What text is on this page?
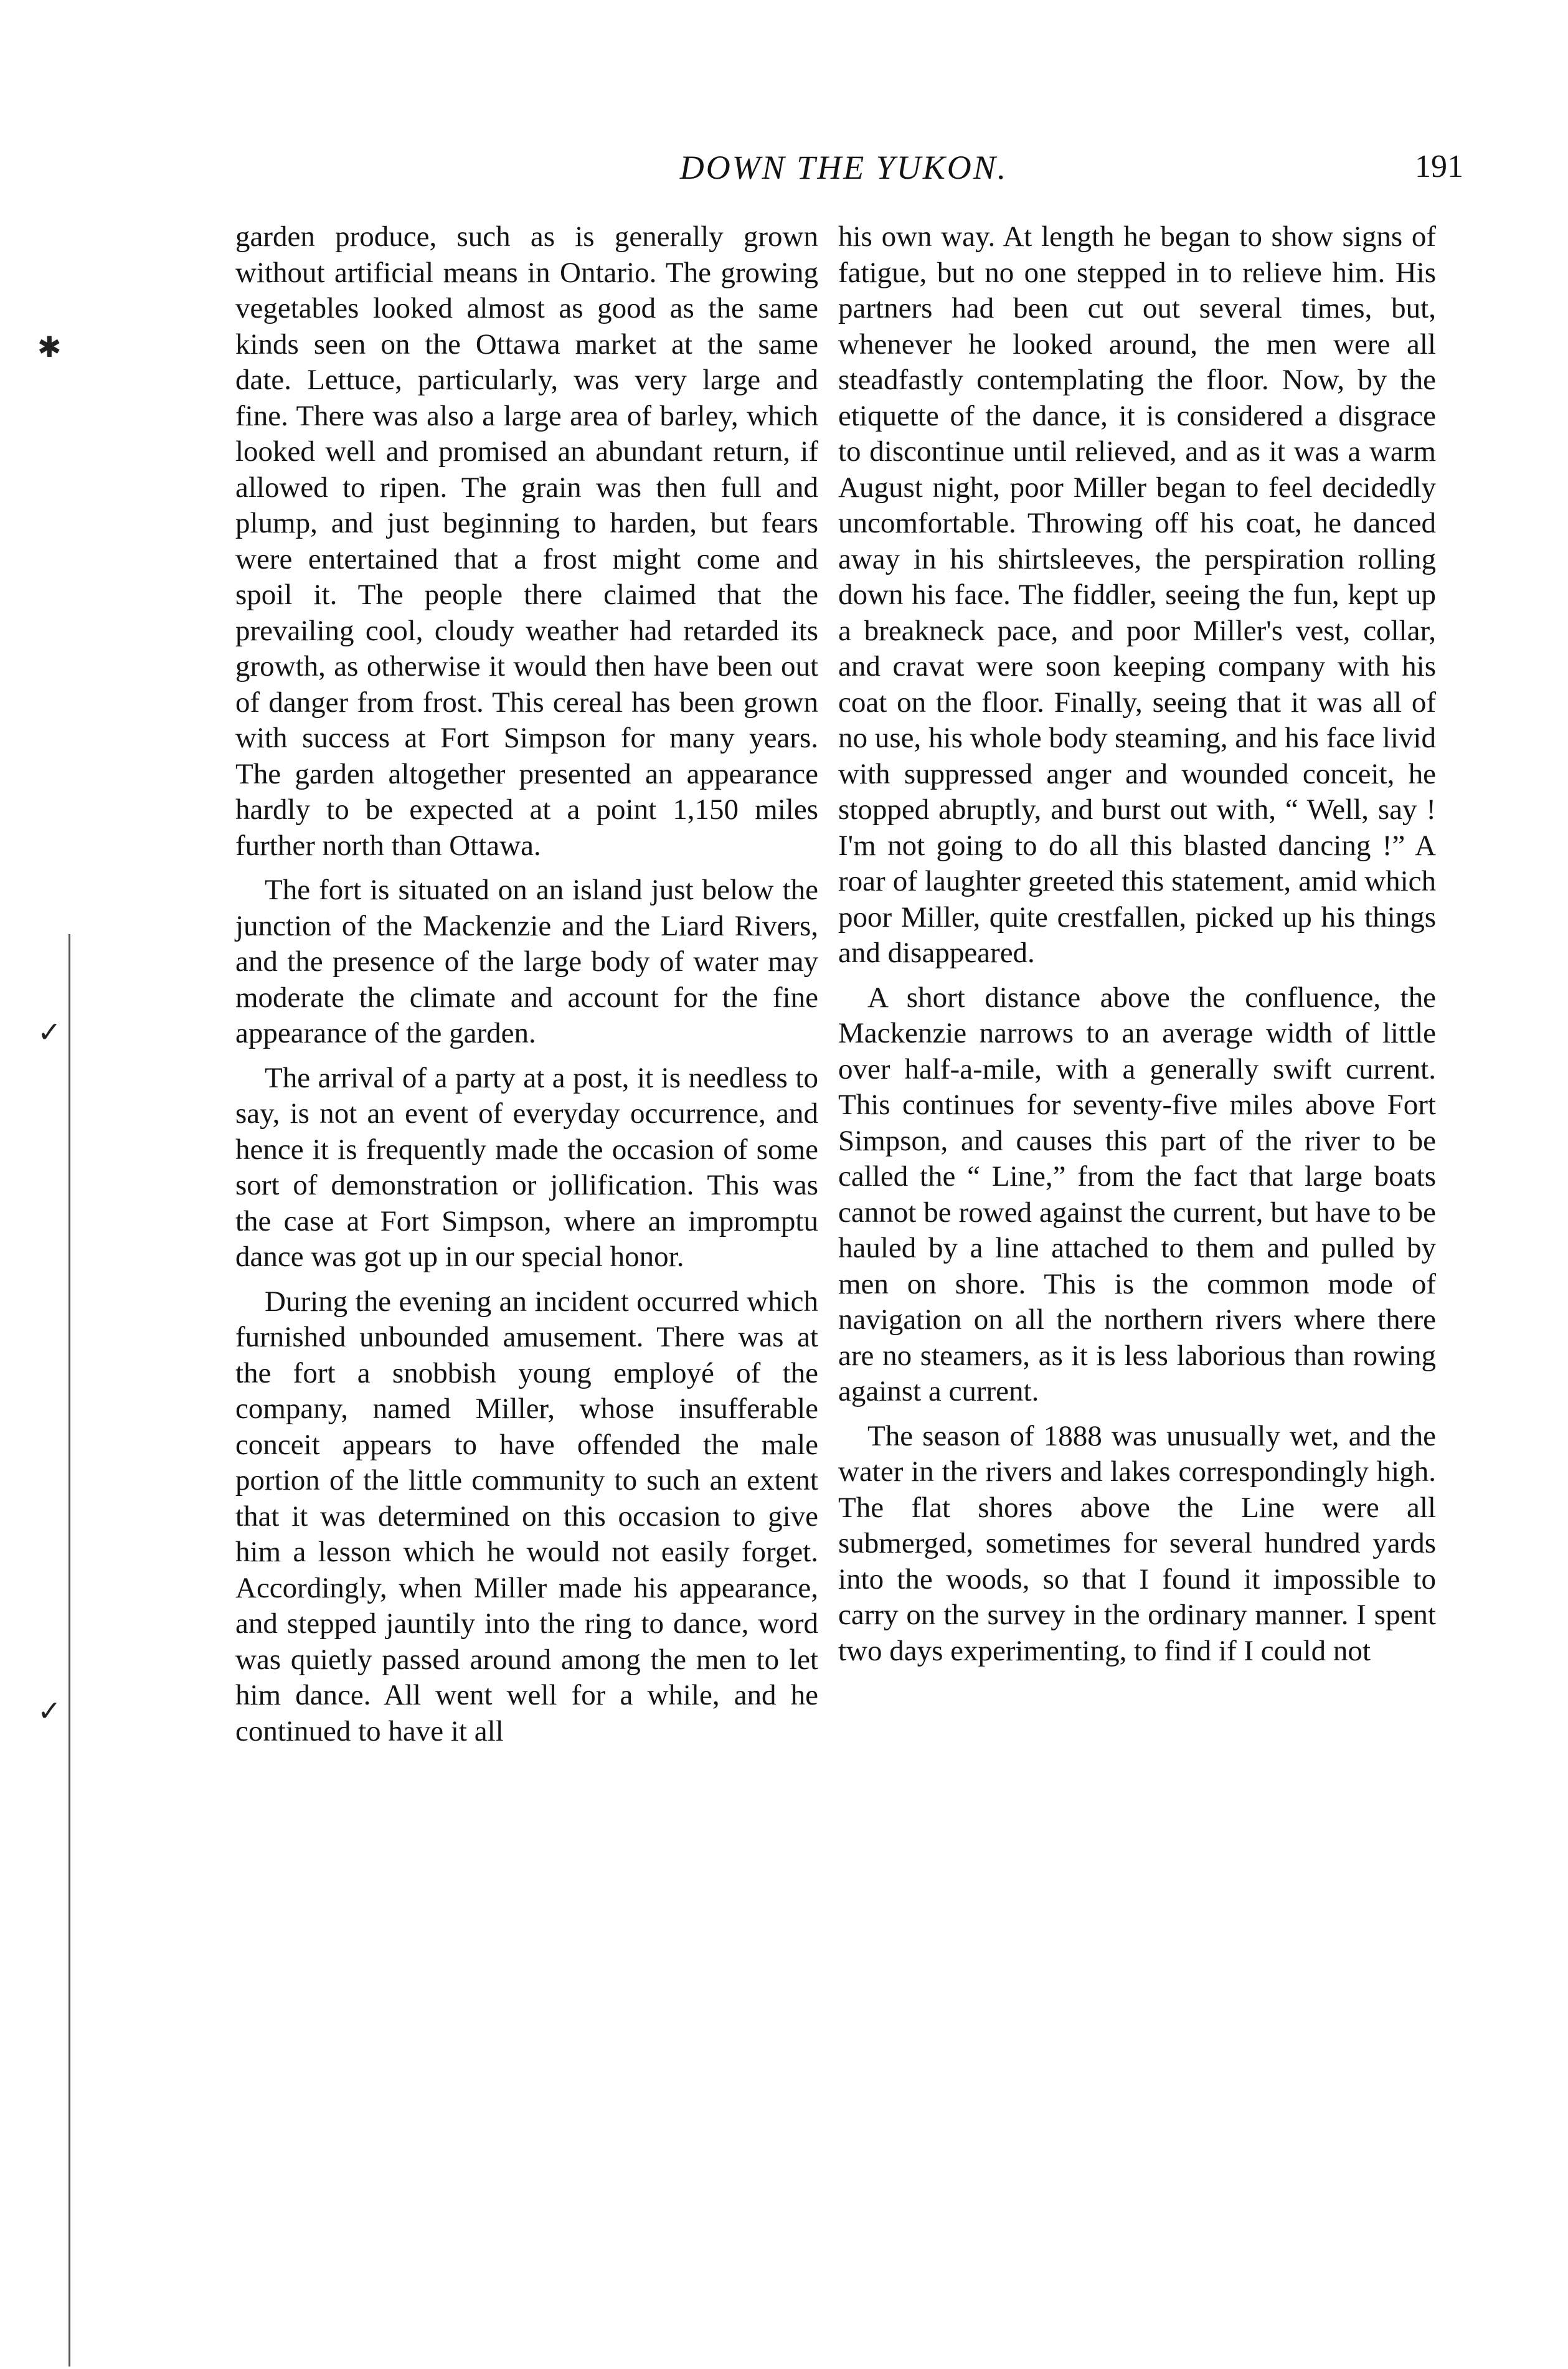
DOWN THE YUKON.	191
✱
✓
✓

garden produce, such as is generally grown without artificial means in Ontario. The growing vegetables looked almost as good as the same kinds seen on the Ottawa market at the same date. Lettuce, particularly, was very large and fine. There was also a large area of barley, which looked well and promised an abundant return, if allowed to ripen. The grain was then full and plump, and just beginning to harden, but fears were entertained that a frost might come and spoil it. The people there claimed that the prevailing cool, cloudy weather had retarded its growth, as otherwise it would then have been out of danger from frost. This cereal has been grown with success at Fort Simpson for many years. The garden altogether presented an appearance hardly to be expected at a point 1,150 miles further north than Ottawa.

The fort is situated on an island just below the junction of the Mackenzie and the Liard Rivers, and the presence of the large body of water may moderate the climate and account for the fine appearance of the garden.

The arrival of a party at a post, it is needless to say, is not an event of everyday occurrence, and hence it is frequently made the occasion of some sort of demonstration or jollification. This was the case at Fort Simpson, where an impromptu dance was got up in our special honor.

During the evening an incident occurred which furnished unbounded amusement. There was at the fort a snobbish young employé of the company, named Miller, whose insufferable conceit appears to have offended the male portion of the little community to such an extent that it was determined on this occasion to give him a lesson which he would not easily forget. Accordingly, when Miller made his appearance, and stepped jauntily into the ring to dance, word was quietly passed around among the men to let him dance. All went well for a while, and he continued to have it all

his own way. At length he began to show signs of fatigue, but no one stepped in to relieve him. His partners had been cut out several times, but, whenever he looked around, the men were all steadfastly contemplating the floor. Now, by the etiquette of the dance, it is considered a disgrace to discontinue until relieved, and as it was a warm August night, poor Miller began to feel decidedly uncomfortable. Throwing off his coat, he danced away in his shirtsleeves, the perspiration rolling down his face. The fiddler, seeing the fun, kept up a breakneck pace, and poor Miller's vest, collar, and cravat were soon keeping company with his coat on the floor. Finally, seeing that it was all of no use, his whole body steaming, and his face livid with suppressed anger and wounded conceit, he stopped abruptly, and burst out with, “ Well, say ! I'm not going to do all this blasted dancing !” A roar of laughter greeted this statement, amid which poor Miller, quite crestfallen, picked up his things and disappeared.

A short distance above the confluence, the Mackenzie narrows to an average width of little over half-a-mile, with a generally swift current. This continues for seventy-five miles above Fort Simpson, and causes this part of the river to be called the “ Line,” from the fact that large boats cannot be rowed against the current, but have to be hauled by a line attached to them and pulled by men on shore. This is the common mode of navigation on all the northern rivers where there are no steamers, as it is less laborious than rowing against a current.

The season of 1888 was unusually wet, and the water in the rivers and lakes correspondingly high. The flat shores above the Line were all submerged, sometimes for several hundred yards into the woods, so that I found it impossible to carry on the survey in the ordinary manner. I spent two days experimenting, to find if I could not
